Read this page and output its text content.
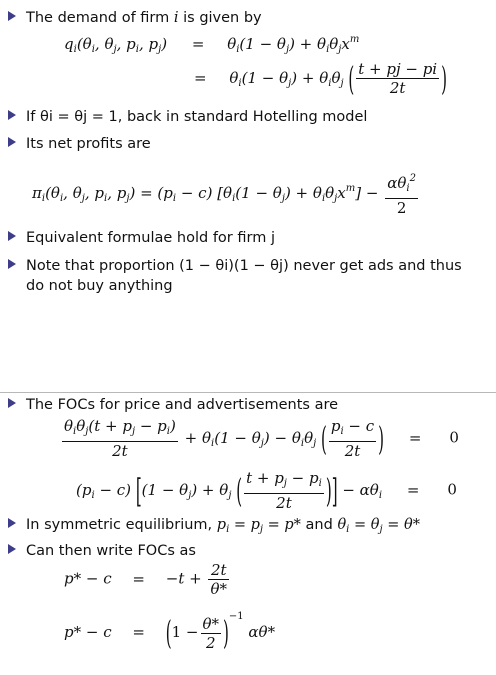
The demand of firm i is given by
$q_i(\theta_i$, $\theta_j$, $p_i$, $p_j) = \theta_i(1 - \theta_j) + \theta_i\theta_jx^m$
= $\theta_i(1 - \theta_j) + \theta_i\theta_j$ ( $\frac{t + pj - pi}{2t}$ )
If θi = θj = 1, back in standard Hotelling model
Its net profits are
$\pi_i(\theta_i$, $\theta_j$, $p_i$, $p_j) = (p_i - c)$ $[\theta_i(1 - \theta_j) + \theta_i\theta_jx^m] - \frac{\alpha\theta_i^2}{2}$
Equivalent formulae hold for firm j
Note that proportion (1 − θi)(1 − θj) never get ads and thus
do not buy anything
The FOCs for price and advertisements are
$\frac{\theta_i\theta_j(t + p_j - p_i)}{2t} + \theta_i(1 - \theta_j) - \theta_i\theta_j$ ( $\frac{p_i - c}{2t}$ ) = 0
$(p_i - c) [(1 - \theta_j) + \theta_j$ ( $\frac{t + p_j - p_i}{2t}$ )] − $\alpha\theta_i = 0$
In symmetric equilibrium, $p_i = p_j = p*$ and $\theta_i = \theta_j = \theta*$
Can then write FOCs as
$p* - c = -t + \frac{2t}{\theta*}$
$p* - c = (1 - \frac{\theta*}{2} )^{-1}$ αθ*
